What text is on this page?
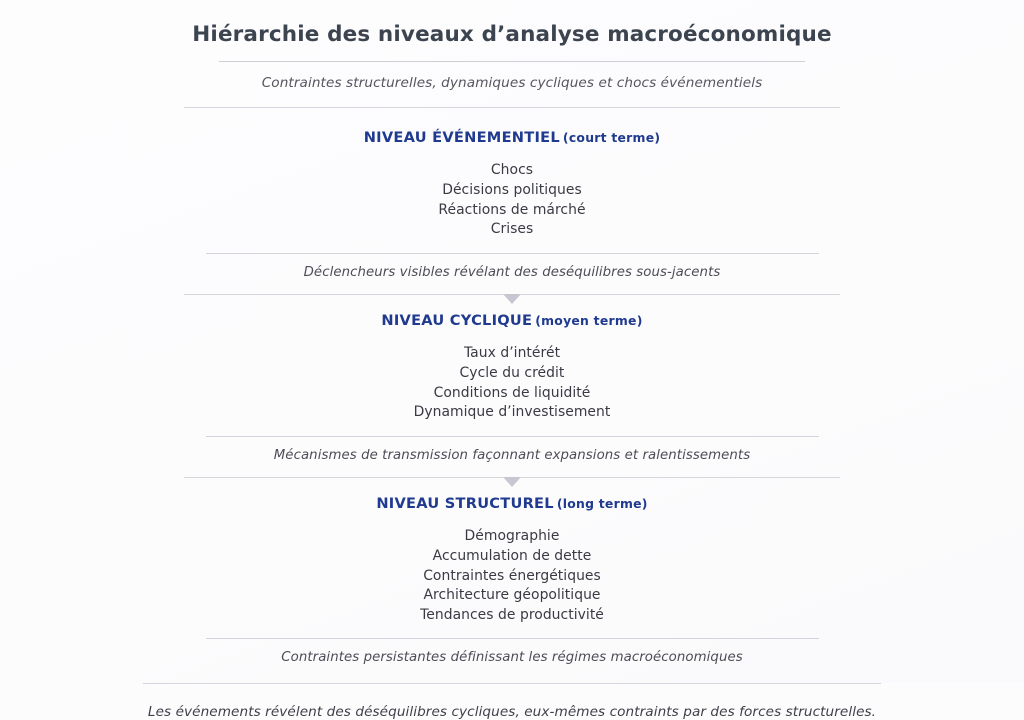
Hiérarchie des niveaux d’analyse macroéconomique
Contraintes structurelles, dynamiques cycliques et chocs événementiels
NIVEAU ÉVÉNEMENTIEL (court terme)
Chocs
Décisions politiques
Réactions de márché
Crises
Déclencheurs visibles révélant des deséquilibres sous-jacents
NIVEAU CYCLIQUE (moyen terme)
Taux d’intérét
Cycle du crédit
Conditions de liquidité
Dynamique d’investisement
Mécanismes de transmission façonnant expansions et ralentissements
NIVEAU STRUCTUREL (long terme)
Démographie
Accumulation de dette
Contraintes énergétiques
Architecture géopolitique
Tendances de productivité
Contraintes persistantes définissant les régimes macroéconomiques
Les événements révélent des déséquilibres cycliques, eux-mêmes contraints par des forces structurelles.
